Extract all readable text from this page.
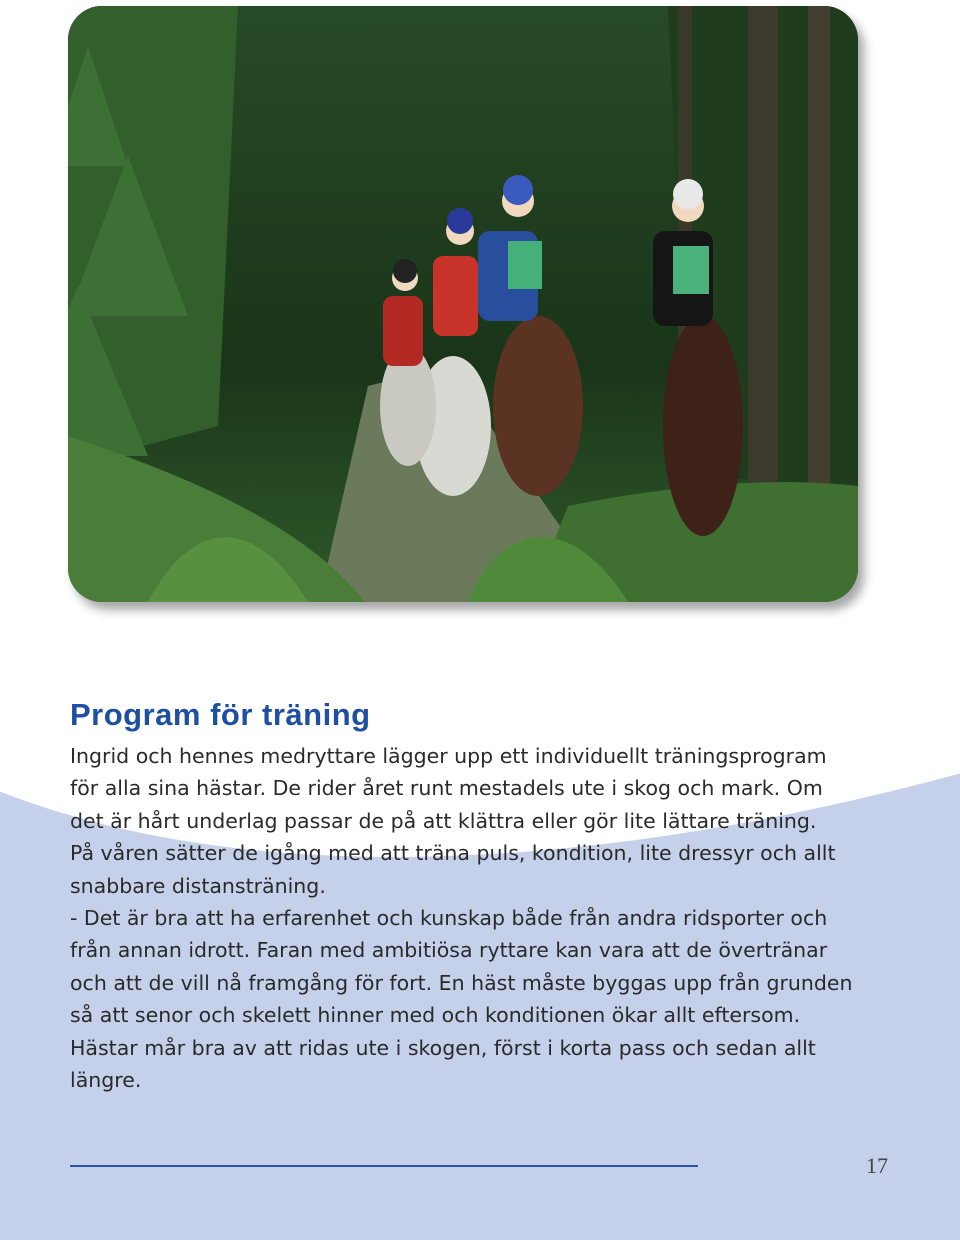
Program för träning
Ingrid och hennes medryttare lägger upp ett individuellt träningsprogram
för alla sina hästar. De rider året runt mestadels ute i skog och mark. Om
det är hårt underlag passar de på att klättra eller gör lite lättare träning.
På våren sätter de igång med att träna puls, kondition, lite dressyr och allt
snabbare distansträning.
- Det är bra att ha erfarenhet och kunskap både från andra ridsporter och
från annan idrott. Faran med ambitiösa ryttare kan vara att de övertränar
och att de vill nå framgång för fort. En häst måste byggas upp från grunden
så att senor och skelett hinner med och konditionen ökar allt eftersom.
Hästar mår bra av att ridas ute i skogen, först i korta pass och sedan allt
längre.
17
